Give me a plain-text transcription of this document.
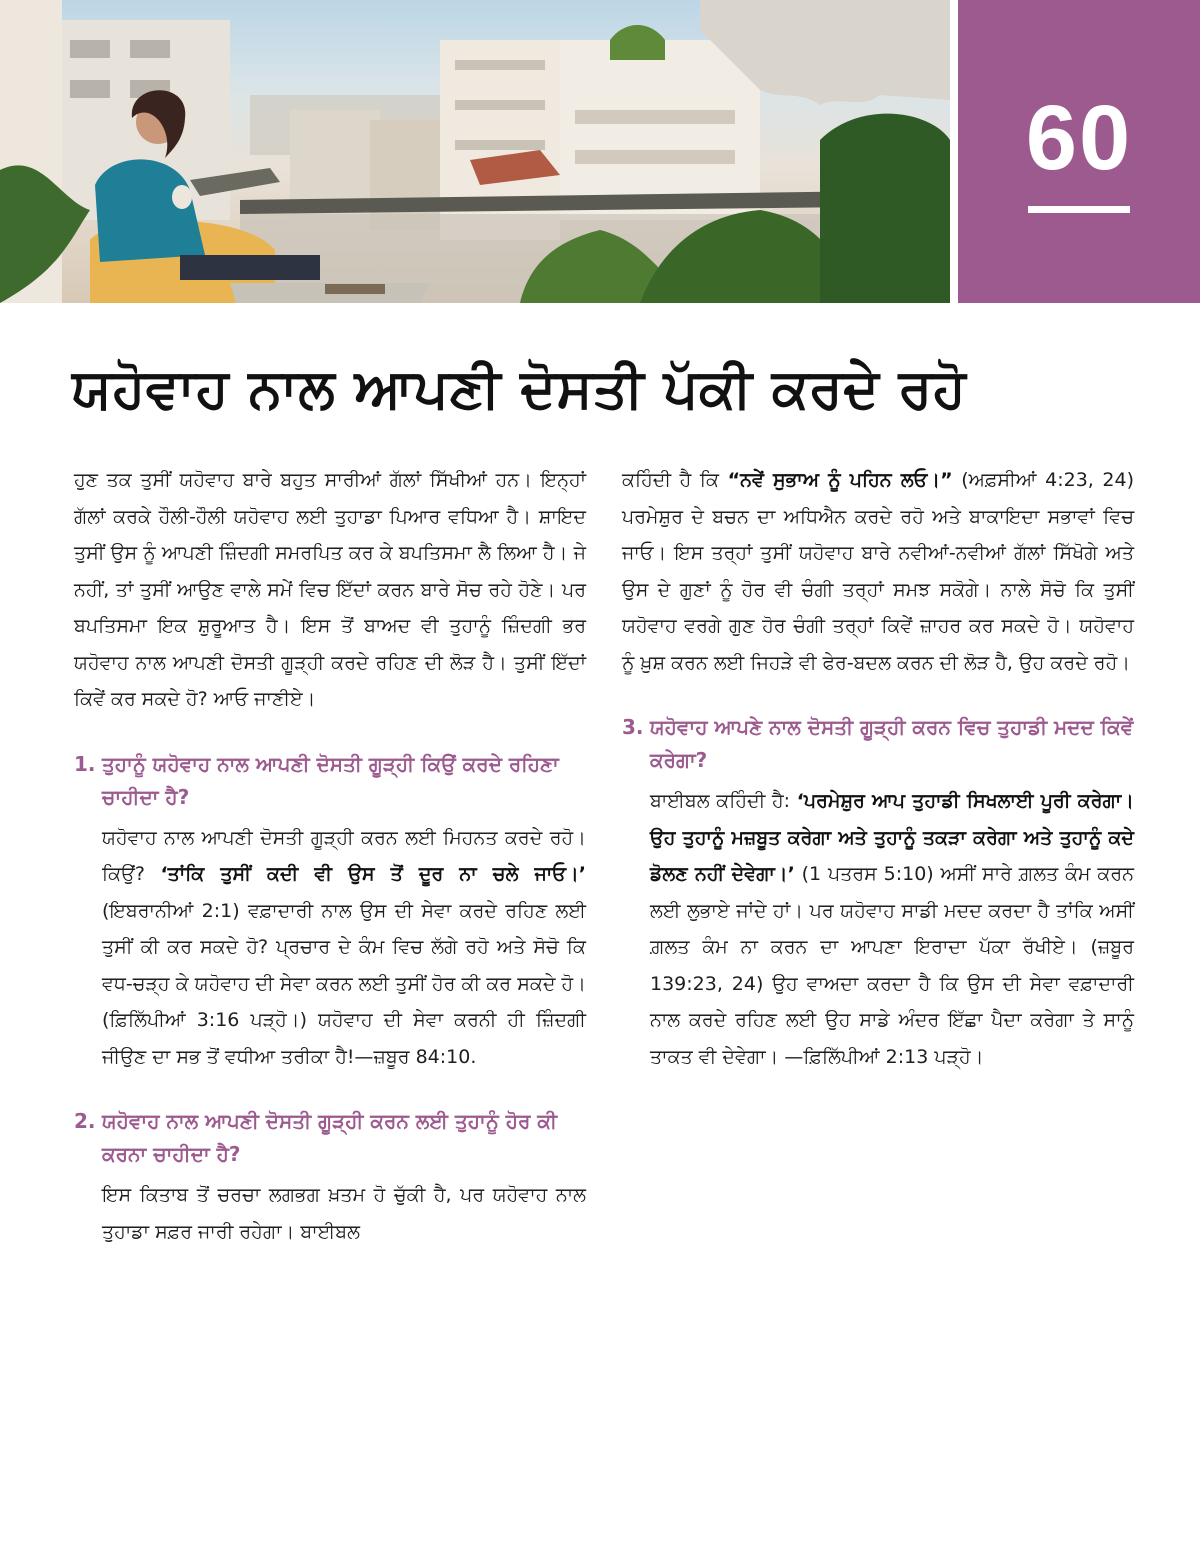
60
ਯਹੋਵਾਹ ਨਾਲ ਆਪਣੀ ਦੋਸਤੀ ਪੱਕੀ ਕਰਦੇ ਰਹੋ

ਹੁਣ ਤਕ ਤੁਸੀਂ ਯਹੋਵਾਹ ਬਾਰੇ ਬਹੁਤ ਸਾਰੀਆਂ ਗੱਲਾਂ ਸਿੱਖੀਆਂ ਹਨ। ਇਨ੍ਹਾਂ ਗੱਲਾਂ ਕਰਕੇ ਹੌਲੀ-ਹੌਲੀ ਯਹੋਵਾਹ ਲਈ ਤੁਹਾਡਾ ਪਿਆਰ ਵਧਿਆ ਹੈ। ਸ਼ਾਇਦ ਤੁਸੀਂ ਉਸ ਨੂੰ ਆਪਣੀ ਜ਼ਿੰਦਗੀ ਸਮਰਪਿਤ ਕਰ ਕੇ ਬਪਤਿਸਮਾ ਲੈ ਲਿਆ ਹੈ। ਜੇ ਨਹੀਂ, ਤਾਂ ਤੁਸੀਂ ਆਉਣ ਵਾਲੇ ਸਮੇਂ ਵਿਚ ਇੱਦਾਂ ਕਰਨ ਬਾਰੇ ਸੋਚ ਰਹੇ ਹੋਣੇ। ਪਰ ਬਪਤਿਸਮਾ ਇਕ ਸ਼ੁਰੂਆਤ ਹੈ। ਇਸ ਤੋਂ ਬਾਅਦ ਵੀ ਤੁਹਾਨੂੰ ਜ਼ਿੰਦਗੀ ਭਰ ਯਹੋਵਾਹ ਨਾਲ ਆਪਣੀ ਦੋਸਤੀ ਗੂੜ੍ਹੀ ਕਰਦੇ ਰਹਿਣ ਦੀ ਲੋੜ ਹੈ। ਤੁਸੀਂ ਇੱਦਾਂ ਕਿਵੇਂ ਕਰ ਸਕਦੇ ਹੋ? ਆਓ ਜਾਣੀਏ।

1. ਤੁਹਾਨੂੰ ਯਹੋਵਾਹ ਨਾਲ ਆਪਣੀ ਦੋਸਤੀ ਗੂੜ੍ਹੀ ਕਿਉਂ ਕਰਦੇ ਰਹਿਣਾ ਚਾਹੀਦਾ ਹੈ?

ਯਹੋਵਾਹ ਨਾਲ ਆਪਣੀ ਦੋਸਤੀ ਗੂੜ੍ਹੀ ਕਰਨ ਲਈ ਮਿਹਨਤ ਕਰਦੇ ਰਹੋ। ਕਿਉਂ? ‘ਤਾਂਕਿ ਤੁਸੀਂ ਕਦੀ ਵੀ ਉਸ ਤੋਂ ਦੂਰ ਨਾ ਚਲੇ ਜਾਓ।’ (ਇਬਰਾਨੀਆਂ 2:1) ਵਫ਼ਾਦਾਰੀ ਨਾਲ ਉਸ ਦੀ ਸੇਵਾ ਕਰਦੇ ਰਹਿਣ ਲਈ ਤੁਸੀਂ ਕੀ ਕਰ ਸਕਦੇ ਹੋ? ਪ੍ਰਚਾਰ ਦੇ ਕੰਮ ਵਿਚ ਲੱਗੇ ਰਹੋ ਅਤੇ ਸੋਚੋ ਕਿ ਵਧ-ਚੜ੍ਹ ਕੇ ਯਹੋਵਾਹ ਦੀ ਸੇਵਾ ਕਰਨ ਲਈ ਤੁਸੀਂ ਹੋਰ ਕੀ ਕਰ ਸਕਦੇ ਹੋ। (ਫ਼ਿਲਿੱਪੀਆਂ 3:16 ਪੜ੍ਹੋ।) ਯਹੋਵਾਹ ਦੀ ਸੇਵਾ ਕਰਨੀ ਹੀ ਜ਼ਿੰਦਗੀ ਜੀਉਣ ਦਾ ਸਭ ਤੋਂ ਵਧੀਆ ਤਰੀਕਾ ਹੈ!—ਜ਼ਬੂਰ 84:10.

2. ਯਹੋਵਾਹ ਨਾਲ ਆਪਣੀ ਦੋਸਤੀ ਗੂੜ੍ਹੀ ਕਰਨ ਲਈ ਤੁਹਾਨੂੰ ਹੋਰ ਕੀ ਕਰਨਾ ਚਾਹੀਦਾ ਹੈ?

ਇਸ ਕਿਤਾਬ ਤੋਂ ਚਰਚਾ ਲਗਭਗ ਖ਼ਤਮ ਹੋ ਚੁੱਕੀ ਹੈ, ਪਰ ਯਹੋਵਾਹ ਨਾਲ ਤੁਹਾਡਾ ਸਫ਼ਰ ਜਾਰੀ ਰਹੇਗਾ। ਬਾਈਬਲ

ਕਹਿੰਦੀ ਹੈ ਕਿ “ਨਵੇਂ ਸੁਭਾਅ ਨੂੰ ਪਹਿਨ ਲਓ।” (ਅਫ਼ਸੀਆਂ 4:23, 24) ਪਰਮੇਸ਼ੁਰ ਦੇ ਬਚਨ ਦਾ ਅਧਿਐਨ ਕਰਦੇ ਰਹੋ ਅਤੇ ਬਾਕਾਇਦਾ ਸਭਾਵਾਂ ਵਿਚ ਜਾਓ। ਇਸ ਤਰ੍ਹਾਂ ਤੁਸੀਂ ਯਹੋਵਾਹ ਬਾਰੇ ਨਵੀਆਂ-ਨਵੀਆਂ ਗੱਲਾਂ ਸਿੱਖੋਗੇ ਅਤੇ ਉਸ ਦੇ ਗੁਣਾਂ ਨੂੰ ਹੋਰ ਵੀ ਚੰਗੀ ਤਰ੍ਹਾਂ ਸਮਝ ਸਕੋਗੇ। ਨਾਲੇ ਸੋਚੋ ਕਿ ਤੁਸੀਂ ਯਹੋਵਾਹ ਵਰਗੇ ਗੁਣ ਹੋਰ ਚੰਗੀ ਤਰ੍ਹਾਂ ਕਿਵੇਂ ਜ਼ਾਹਰ ਕਰ ਸਕਦੇ ਹੋ। ਯਹੋਵਾਹ ਨੂੰ ਖ਼ੁਸ਼ ਕਰਨ ਲਈ ਜਿਹੜੇ ਵੀ ਫੇਰ-ਬਦਲ ਕਰਨ ਦੀ ਲੋੜ ਹੈ, ਉਹ ਕਰਦੇ ਰਹੋ।

3. ਯਹੋਵਾਹ ਆਪਣੇ ਨਾਲ ਦੋਸਤੀ ਗੂੜ੍ਹੀ ਕਰਨ ਵਿਚ ਤੁਹਾਡੀ ਮਦਦ ਕਿਵੇਂ ਕਰੇਗਾ?

ਬਾਈਬਲ ਕਹਿੰਦੀ ਹੈ: ‘ਪਰਮੇਸ਼ੁਰ ਆਪ ਤੁਹਾਡੀ ਸਿਖਲਾਈ ਪੂਰੀ ਕਰੇਗਾ। ਉਹ ਤੁਹਾਨੂੰ ਮਜ਼ਬੂਤ ਕਰੇਗਾ ਅਤੇ ਤੁਹਾਨੂੰ ਤਕੜਾ ਕਰੇਗਾ ਅਤੇ ਤੁਹਾਨੂੰ ਕਦੇ ਡੋਲਣ ਨਹੀਂ ਦੇਵੇਗਾ।’ (1 ਪਤਰਸ 5:10) ਅਸੀਂ ਸਾਰੇ ਗ਼ਲਤ ਕੰਮ ਕਰਨ ਲਈ ਲੁਭਾਏ ਜਾਂਦੇ ਹਾਂ। ਪਰ ਯਹੋਵਾਹ ਸਾਡੀ ਮਦਦ ਕਰਦਾ ਹੈ ਤਾਂਕਿ ਅਸੀਂ ਗ਼ਲਤ ਕੰਮ ਨਾ ਕਰਨ ਦਾ ਆਪਣਾ ਇਰਾਦਾ ਪੱਕਾ ਰੱਖੀਏ। (ਜ਼ਬੂਰ 139:23, 24) ਉਹ ਵਾਅਦਾ ਕਰਦਾ ਹੈ ਕਿ ਉਸ ਦੀ ਸੇਵਾ ਵਫ਼ਾਦਾਰੀ ਨਾਲ ਕਰਦੇ ਰਹਿਣ ਲਈ ਉਹ ਸਾਡੇ ਅੰਦਰ ਇੱਛਾ ਪੈਦਾ ਕਰੇਗਾ ਤੇ ਸਾਨੂੰ ਤਾਕਤ ਵੀ ਦੇਵੇਗਾ। —ਫ਼ਿਲਿੱਪੀਆਂ 2:13 ਪੜ੍ਹੋ।
